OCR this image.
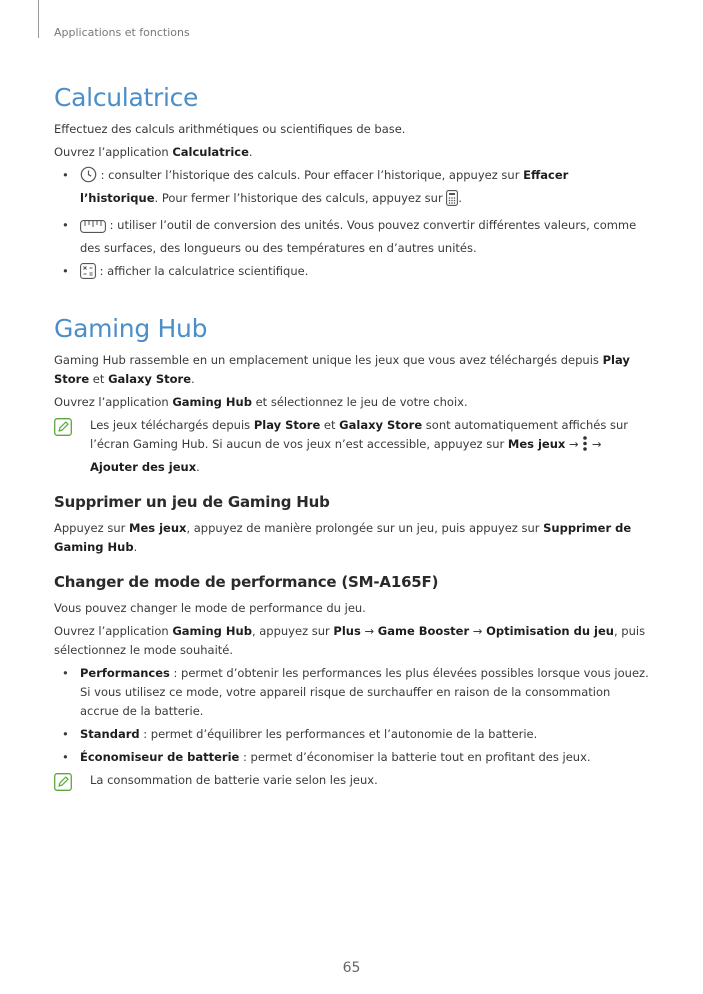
Applications et fonctions
Calculatrice

Effectuez des calculs arithmétiques ou scientifiques de base.

Ouvrez l’application Calculatrice.

• : consulter l’historique des calculs. Pour effacer l’historique, appuyez sur Effacer l’historique. Pour fermer l’historique des calculs, appuyez sur .
•	: utiliser l’outil de conversion des unités. Vous pouvez convertir différentes valeurs, comme des surfaces, des longueurs ou des températures en d’autres unités.
• : afficher la calculatrice scientifique.
Gaming Hub

Gaming Hub rassemble en un emplacement unique les jeux que vous avez téléchargés depuis Play Store et Galaxy Store.

Ouvrez l’application Gaming Hub et sélectionnez le jeu de votre choix.

Les jeux téléchargés depuis Play Store et Galaxy Store sont automatiquement affichés sur l’écran Gaming Hub. Si aucun de vos jeux n’est accessible, appuyez sur Mes jeux →  → Ajouter des jeux.
Supprimer un jeu de Gaming Hub

Appuyez sur Mes jeux, appuyez de manière prolongée sur un jeu, puis appuyez sur Supprimer de Gaming Hub.

Changer de mode de performance (SM-A165F)

Vous pouvez changer le mode de performance du jeu.

Ouvrez l’application Gaming Hub, appuyez sur Plus → Game Booster → Optimisation du jeu, puis sélectionnez le mode souhaité.

• Performances : permet d’obtenir les performances les plus élevées possibles lorsque vous jouez. Si vous utilisez ce mode, votre appareil risque de surchauffer en raison de la consommation accrue de la batterie.
• Standard : permet d’équilibrer les performances et l’autonomie de la batterie.
• Économiseur de batterie : permet d’économiser la batterie tout en profitant des jeux.
La consommation de batterie varie selon les jeux.
65
